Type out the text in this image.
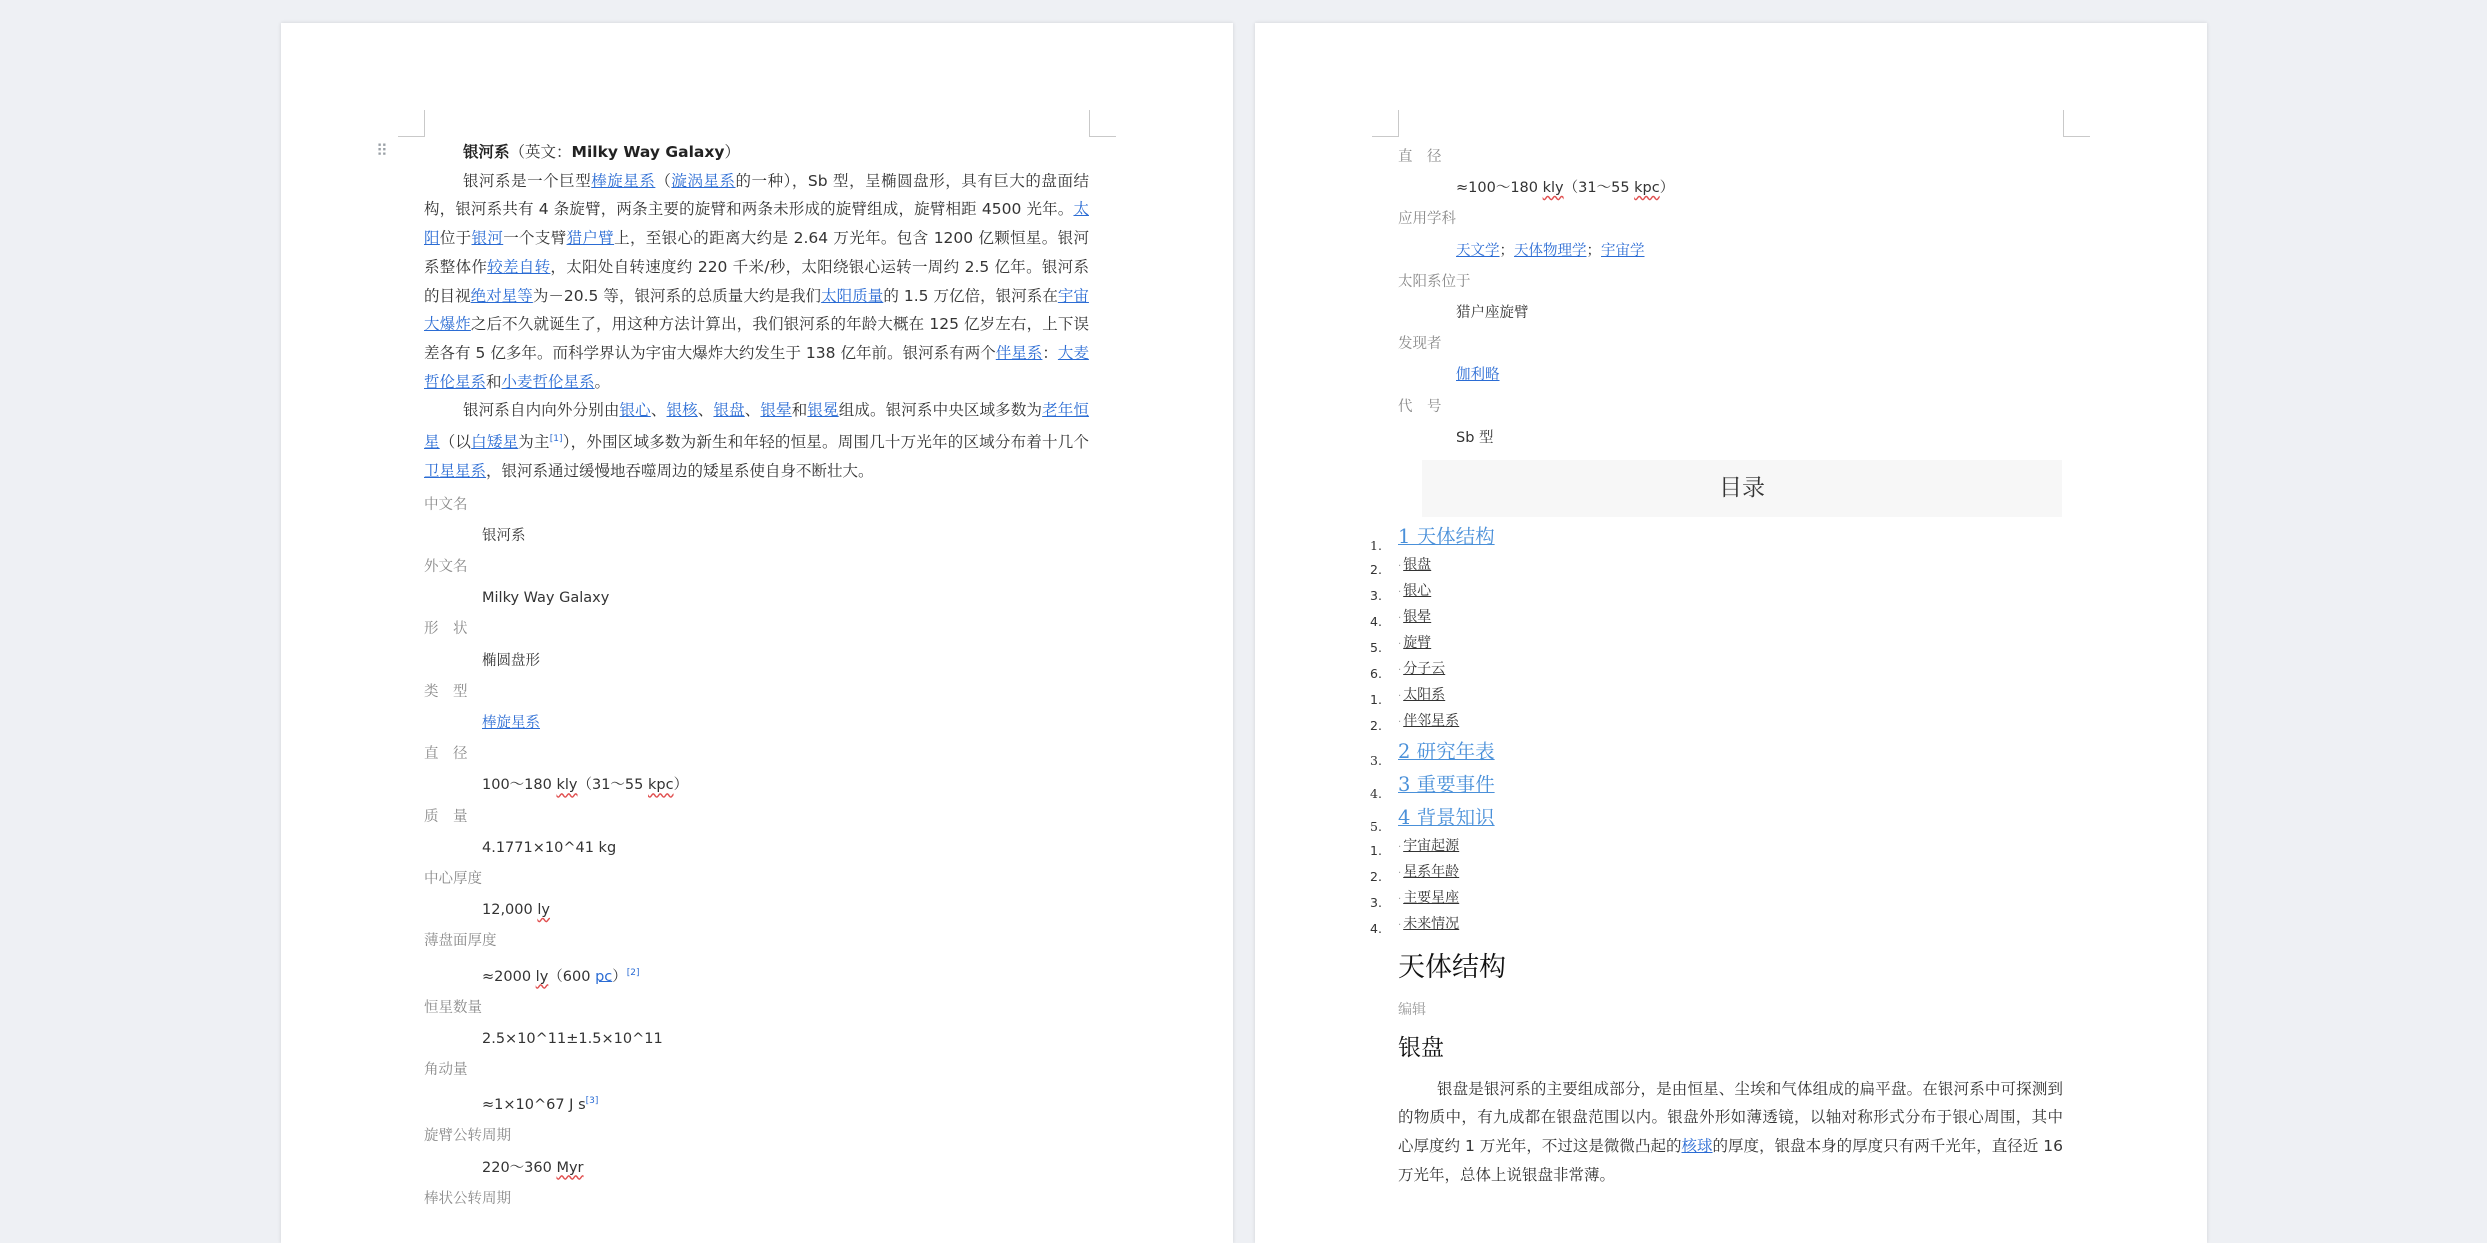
⠿	银河系（英文：Milky Way Galaxy）

银河系是一个巨型棒旋星系（漩涡星系的一种），Sb 型，呈椭圆盘形，具有巨大的盘面结构，银河系共有 4 条旋臂，两条主要的旋臂和两条未形成的旋臂组成，旋臂相距 4500 光年。太阳位于银河一个支臂猎户臂上，至银心的距离大约是 2.64 万光年。包含 1200 亿颗恒星。银河系整体作较差自转，太阳处自转速度约 220 千米/秒，太阳绕银心运转一周约 2.5 亿年。银河系的目视绝对星等为－20.5 等，银河系的总质量大约是我们太阳质量的 1.5 万亿倍，银河系在宇宙大爆炸之后不久就诞生了，用这种方法计算出，我们银河系的年龄大概在 125 亿岁左右，上下误差各有 5 亿多年。而科学界认为宇宙大爆炸大约发生于 138 亿年前。银河系有两个伴星系：大麦哲伦星系和小麦哲伦星系。

银河系自内向外分别由银心、银核、银盘、银晕和银冕组成。银河系中央区域多数为老年恒星（以白矮星为主[1]），外围区域多数为新生和年轻的恒星。周围几十万光年的区域分布着十几个卫星星系，银河系通过缓慢地吞噬周边的矮星系使自身不断壮大。

中文名

银河系

外文名

Milky Way Galaxy

形　状

椭圆盘形

类　型

棒旋星系

直　径

100～180 kly（31～55 kpc）

质　量

4.1771×10^41 kg

中心厚度

12,000 ly

薄盘面厚度

≈2000 ly（600 pc）[2]

恒星数量

2.5×10^11±1.5×10^11

角动量

≈1×10^67 J s[3]

旋臂公转周期

220～360 Myr

棒状公转周期

直　径

≈100～180 kly（31～55 kpc）

应用学科

天文学；天体物理学；宇宙学

太阳系位于

猎户座旋臂

发现者

伽利略

代　号

Sb 型

目录
1. 1 天体结构
2. · 银盘
3. · 银心
4. · 银晕
5. · 旋臂
6. · 分子云
1. · 太阳系
2. · 伴邻星系
3. 2 研究年表
4. 3 重要事件
5. 4 背景知识
1. · 宇宙起源
2. · 星系年龄
3. · 主要星座
4. · 未来情况
天体结构
编辑
银盘

银盘是银河系的主要组成部分，是由恒星、尘埃和气体组成的扁平盘。在银河系中可探测到的物质中，有九成都在银盘范围以内。银盘外形如薄透镜，以轴对称形式分布于银心周围，其中心厚度约 1 万光年，不过这是微微凸起的核球的厚度，银盘本身的厚度只有两千光年，直径近 16 万光年，总体上说银盘非常薄。
